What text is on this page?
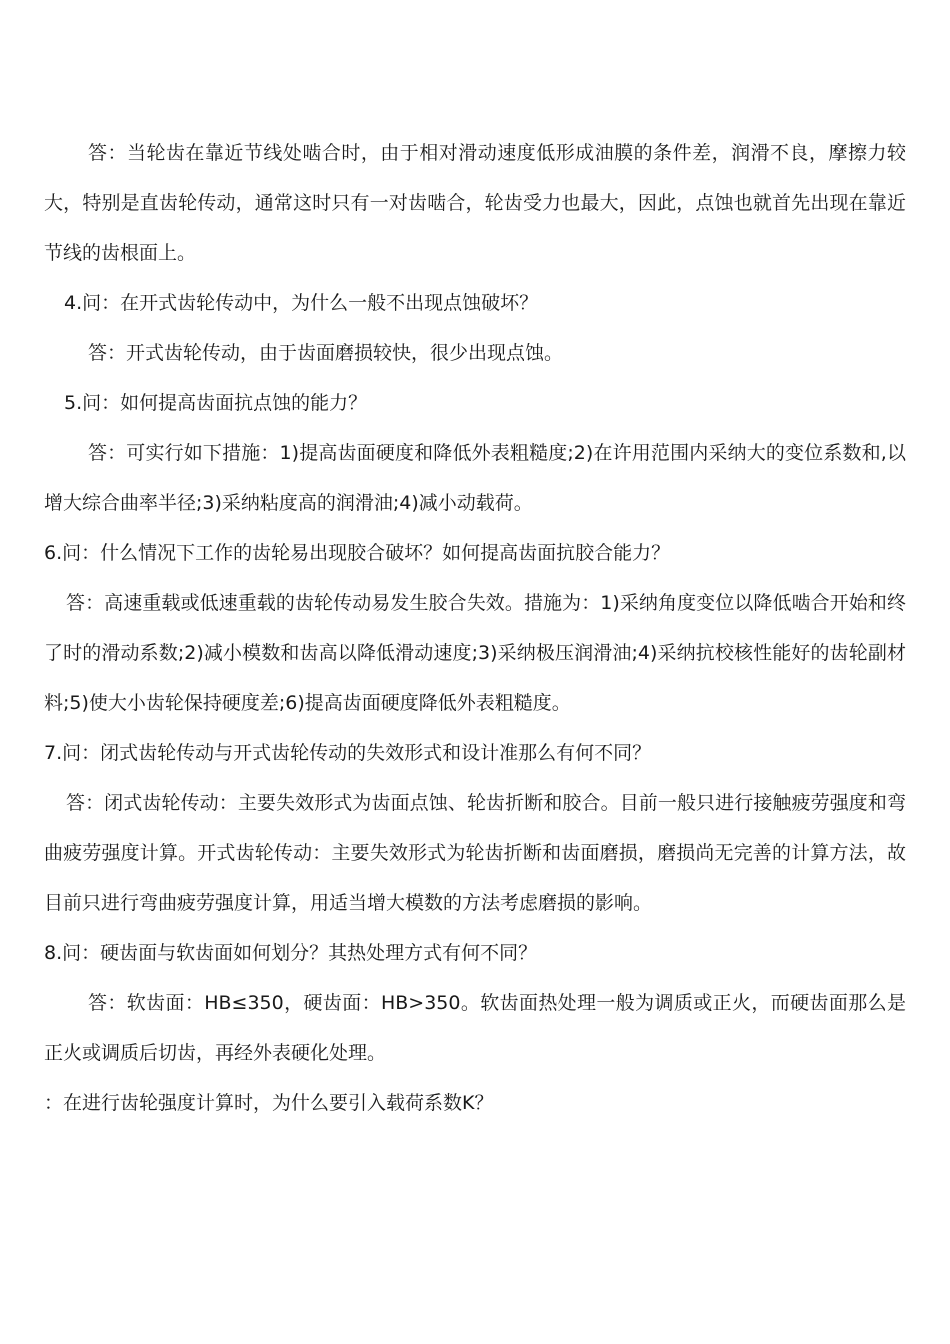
答：当轮齿在靠近节线处啮合时，由于相对滑动速度低形成油膜的条件差，润滑不良，摩擦力较大，特别是直齿轮传动，通常这时只有一对齿啮合，轮齿受力也最大，因此，点蚀也就首先出现在靠近节线的齿根面上。

4.问：在开式齿轮传动中，为什么一般不出现点蚀破坏？

答：开式齿轮传动，由于齿面磨损较快，很少出现点蚀。

5.问：如何提高齿面抗点蚀的能力？

答：可实行如下措施：1)提高齿面硬度和降低外表粗糙度;2)在许用范围内采纳大的变位系数和,以增大综合曲率半径;3)采纳粘度高的润滑油;4)减小动载荷。

6.问：什么情况下工作的齿轮易出现胶合破坏？如何提高齿面抗胶合能力？

答：高速重载或低速重载的齿轮传动易发生胶合失效。措施为：1)采纳角度变位以降低啮合开始和终了时的滑动系数;2)减小模数和齿高以降低滑动速度;3)采纳极压润滑油;4)采纳抗校核性能好的齿轮副材料;5)使大小齿轮保持硬度差;6)提高齿面硬度降低外表粗糙度。

7.问：闭式齿轮传动与开式齿轮传动的失效形式和设计准那么有何不同？

答：闭式齿轮传动：主要失效形式为齿面点蚀、轮齿折断和胶合。目前一般只进行接触疲劳强度和弯曲疲劳强度计算。开式齿轮传动：主要失效形式为轮齿折断和齿面磨损，磨损尚无完善的计算方法，故目前只进行弯曲疲劳强度计算，用适当增大模数的方法考虑磨损的影响。

8.问：硬齿面与软齿面如何划分？其热处理方式有何不同？

答：软齿面：HB≤350，硬齿面：HB>350。软齿面热处理一般为调质或正火，而硬齿面那么是正火或调质后切齿，再经外表硬化处理。

：在进行齿轮强度计算时，为什么要引入载荷系数K？
